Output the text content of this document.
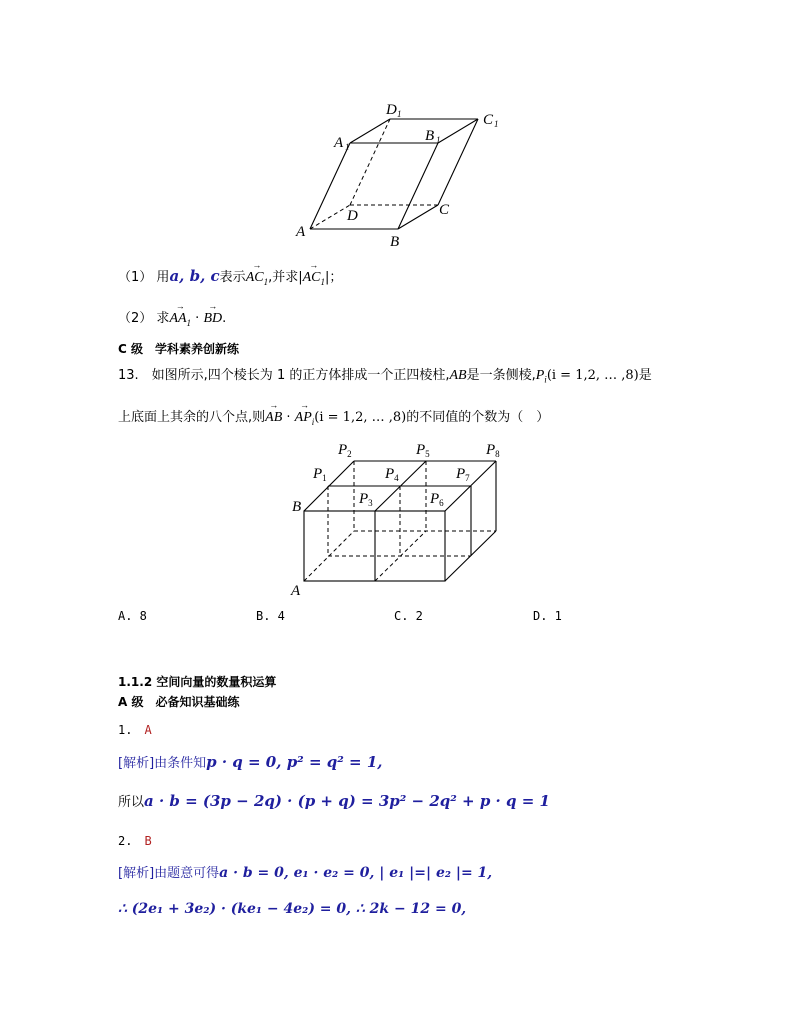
D 1	C 1
A 1
B 1
D	C
A
B
（1） 用a, b, c表示→ $AC_1$,并求|→ $AC_1|$；
（2） 求→ $AA_1$ · → BD.
C 级　学科素养创新练
13.　如图所示,四个棱长为 1 的正方体排成一个正四棱柱,AB是一条侧棱$,P_i(i = 1,2$, … ,8)是
上底面上其余的八个点,则→ AB · → $AP_i(i = 1,2$, … ,8)的不同值的个数为（　）
$P_2$	$P_5$	$P_8$
$P_1$	$P_4$	$P_7$
$P_3$	$P_6$
B
A
A. 8	B. 4	C. 2	D. 1
1.1.2 空间向量的数量积运算
A 级　必备知识基础练
1.　A
[解析]由条件知p · q = 0, p² = q² = 1,
所以a · b = (3p − 2q) · (p + q) = 3p² − 2q² + p · q = 1
2.　B
[解析]由题意可得a · b = 0, e₁ · e₂ = 0, | e₁ |=| e₂ |= 1,
∴ (2e₁ + 3e₂) · (ke₁ − 4e₂) = 0, ∴ 2k − 12 = 0,
